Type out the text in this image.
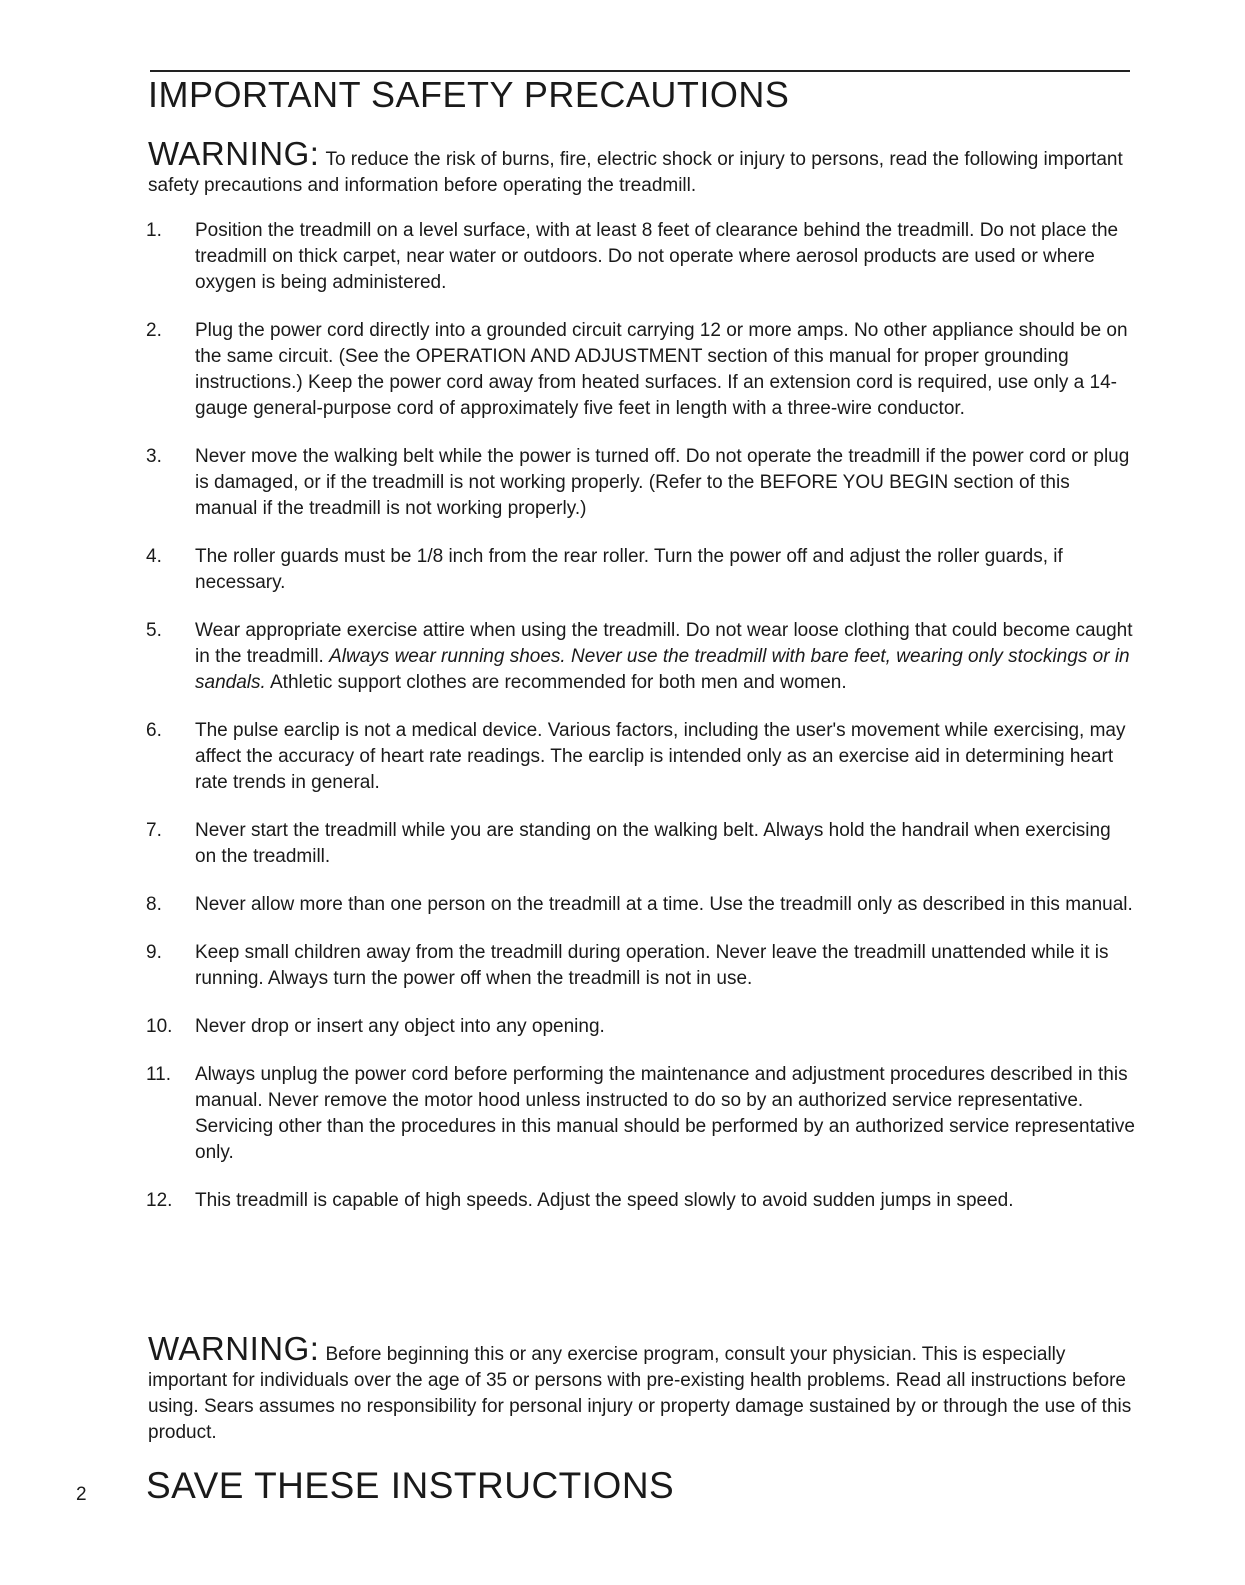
IMPORTANT SAFETY PRECAUTIONS
WARNING: To reduce the risk of burns, fire, electric shock or injury to persons, read the following important safety precautions and information before operating the treadmill.
1. Position the treadmill on a level surface, with at least 8 feet of clearance behind the treadmill. Do not place the treadmill on thick carpet, near water or outdoors. Do not operate where aerosol products are used or where oxygen is being administered.
2. Plug the power cord directly into a grounded circuit carrying 12 or more amps. No other appliance should be on the same circuit. (See the OPERATION AND ADJUSTMENT section of this manual for proper grounding instructions.) Keep the power cord away from heated surfaces. If an extension cord is required, use only a 14-gauge general-purpose cord of approximately five feet in length with a three-wire conductor.
3. Never move the walking belt while the power is turned off. Do not operate the treadmill if the power cord or plug is damaged, or if the treadmill is not working properly. (Refer to the BEFORE YOU BEGIN section of this manual if the treadmill is not working properly.)
4. The roller guards must be 1/8 inch from the rear roller. Turn the power off and adjust the roller guards, if necessary.
5. Wear appropriate exercise attire when using the treadmill. Do not wear loose clothing that could become caught in the treadmill. Always wear running shoes. Never use the treadmill with bare feet, wearing only stockings or in sandals. Athletic support clothes are recommended for both men and women.
6. The pulse earclip is not a medical device. Various factors, including the user's movement while exercising, may affect the accuracy of heart rate readings. The earclip is intended only as an exercise aid in determining heart rate trends in general.
7. Never start the treadmill while you are standing on the walking belt. Always hold the handrail when exercising on the treadmill.
8. Never allow more than one person on the treadmill at a time. Use the treadmill only as described in this manual.
9. Keep small children away from the treadmill during operation. Never leave the treadmill unattended while it is running. Always turn the power off when the treadmill is not in use.
10. Never drop or insert any object into any opening.
11. Always unplug the power cord before performing the maintenance and adjustment procedures described in this manual. Never remove the motor hood unless instructed to do so by an authorized service representative. Servicing other than the procedures in this manual should be performed by an authorized service representative only.
12. This treadmill is capable of high speeds. Adjust the speed slowly to avoid sudden jumps in speed.
WARNING: Before beginning this or any exercise program, consult your physician. This is especially important for individuals over the age of 35 or persons with pre-existing health problems. Read all instructions before using. Sears assumes no responsibility for personal injury or property damage sustained by or through the use of this product.
2 SAVE THESE INSTRUCTIONS
